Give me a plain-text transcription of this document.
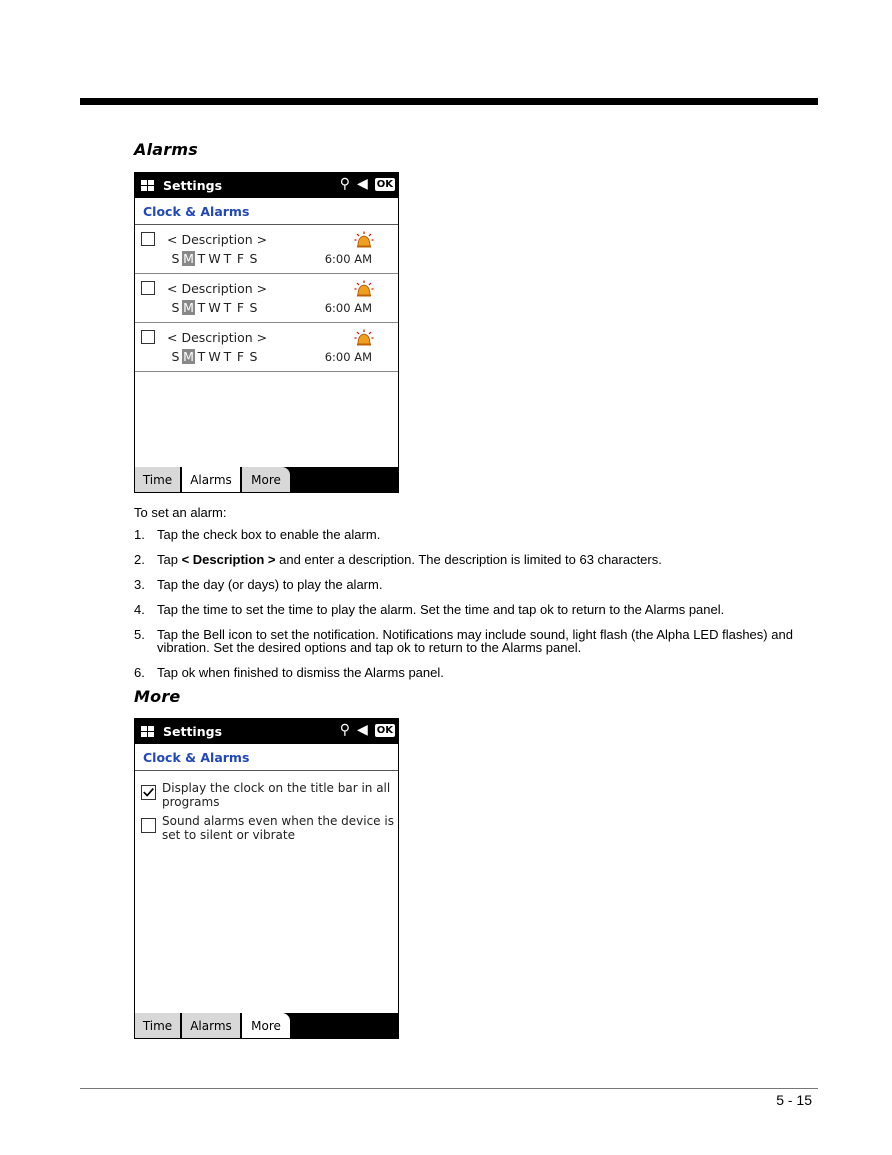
Alarms
Settings	⚲ ◀ OK
Clock & Alarms
< Description >
S M T W T F S	6:00 AM
< Description >
S M T W T F S	6:00 AM
< Description >
S M T W T F S	6:00 AM
Time	Alarms	More
To set an alarm:
1. Tap the check box to enable the alarm.
2. Tap < Description > and enter a description. The description is limited to 63 characters.
3. Tap the day (or days) to play the alarm.
4. Tap the time to set the time to play the alarm. Set the time and tap ok to return to the Alarms panel.
5. Tap the Bell icon to set the notification. Notifications may include sound, light flash (the Alpha LED flashes) and vibration. Set the desired options and tap ok to return to the Alarms panel.
6. Tap ok when finished to dismiss the Alarms panel.
More
Settings	⚲ ◀ OK
Clock & Alarms
Display the clock on the title bar in all programs
Sound alarms even when the device is set to silent or vibrate
Time	Alarms	More
5 - 15
